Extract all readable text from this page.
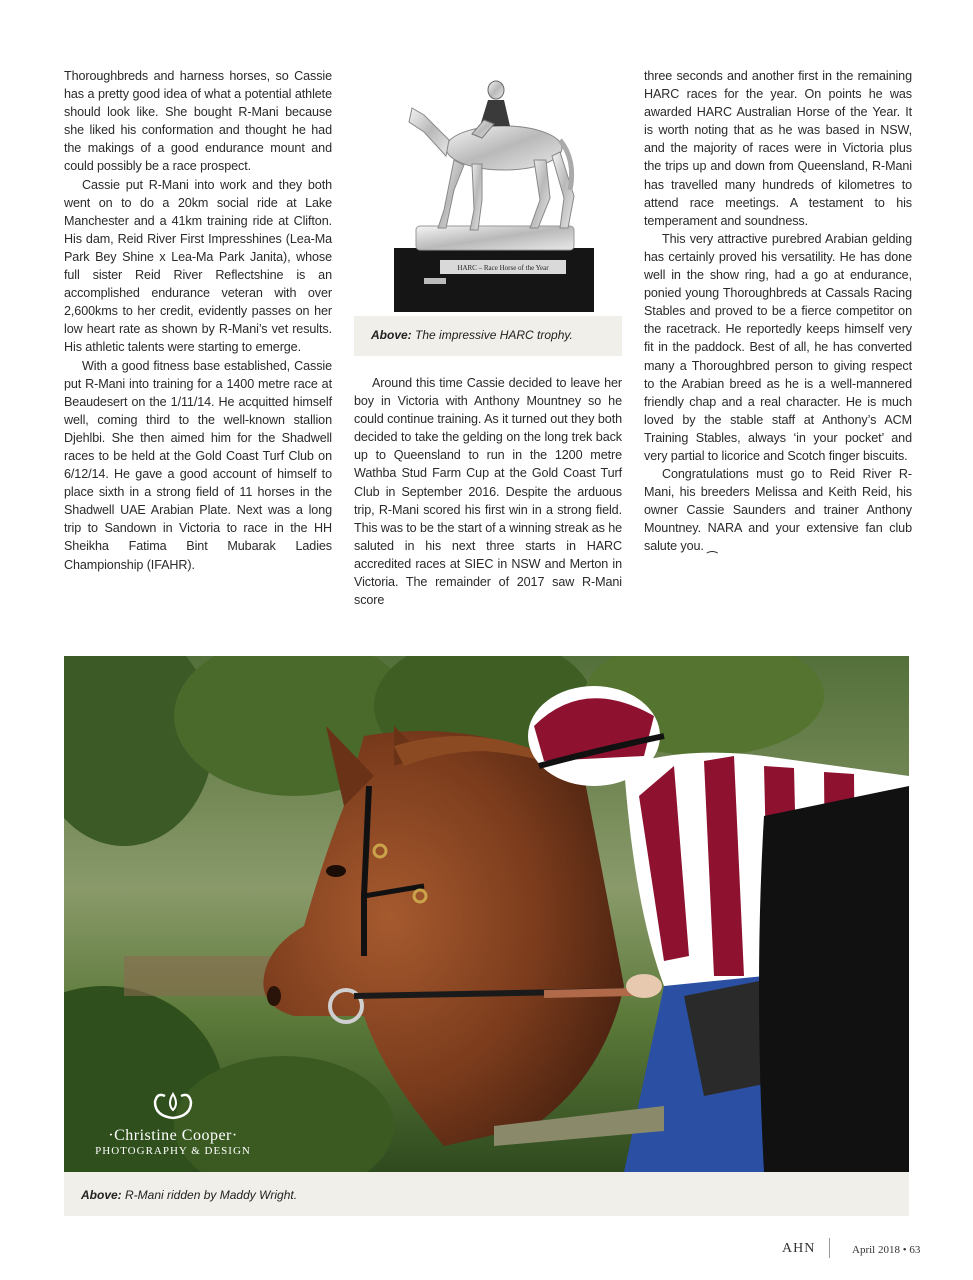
Thoroughbreds and harness horses, so Cassie has a pretty good idea of what a potential athlete should look like. She bought R-Mani because she liked his conformation and thought he had the makings of a good endurance mount and could possibly be a race prospect.

Cassie put R-Mani into work and they both went on to do a 20km social ride at Lake Manchester and a 41km training ride at Clifton. His dam, Reid River First Impresshines (Lea-Ma Park Bey Shine x Lea-Ma Park Janita), whose full sister Reid River Reflectshine is an accomplished endurance veteran with over 2,600kms to her credit, evidently passes on her low heart rate as shown by R-Mani’s vet results. His athletic talents were starting to emerge.

With a good fitness base established, Cassie put R-Mani into training for a 1400 metre race at Beaudesert on the 1/11/14. He acquitted himself well, coming third to the well-known stallion Djehlbi. She then aimed him for the Shadwell races to be held at the Gold Coast Turf Club on 6/12/14. He gave a good account of himself to place sixth in a strong field of 11 horses in the Shadwell UAE Arabian Plate. Next was a long trip to Sandown in Victoria to race in the HH Sheikha Fatima Bint Mubarak Ladies Championship (IFAHR).

HARC – Race Horse of the Year
Above: The impressive HARC trophy.

Around this time Cassie decided to leave her boy in Victoria with Anthony Mountney so he could continue training. As it turned out they both decided to take the gelding on the long trek back up to Queensland to run in the 1200 metre Wathba Stud Farm Cup at the Gold Coast Turf Club in September 2016. Despite the arduous trip, R-Mani scored his first win in a strong field. This was to be the start of a winning streak as he saluted in his next three starts in HARC accredited races at SIEC in NSW and Merton in Victoria. The remainder of 2017 saw R-Mani score

three seconds and another first in the remaining HARC races for the year. On points he was awarded HARC Australian Horse of the Year. It is worth noting that as he was based in NSW, and the majority of races were in Victoria plus the trips up and down from Queensland, R-Mani has travelled many hundreds of kilometres to attend race meetings. A testament to his temperament and soundness.

This very attractive purebred Arabian gelding has certainly proved his versatility. He has done well in the show ring, had a go at endurance, ponied young Thoroughbreds at Cassals Racing Stables and proved to be a fierce competitor on the racetrack. He reportedly keeps himself very fit in the paddock. Best of all, he has converted many a Thoroughbred person to giving respect to the Arabian breed as he is a well-mannered friendly chap and a real character. He is much loved by the stable staff at Anthony’s ACM Training Stables, always ‘in your pocket’ and very partial to licorice and Scotch finger biscuits.

Congratulations must go to Reid River R-Mani, his breeders Melissa and Keith Reid, his owner Cassie Saunders and trainer Anthony Mountney. NARA and your extensive fan club salute you. ⁔

·Christine Cooper·
PHOTOGRAPHY & DESIGN
Above: R-Mani ridden by Maddy Wright.
AHN	April 2018 • 63
